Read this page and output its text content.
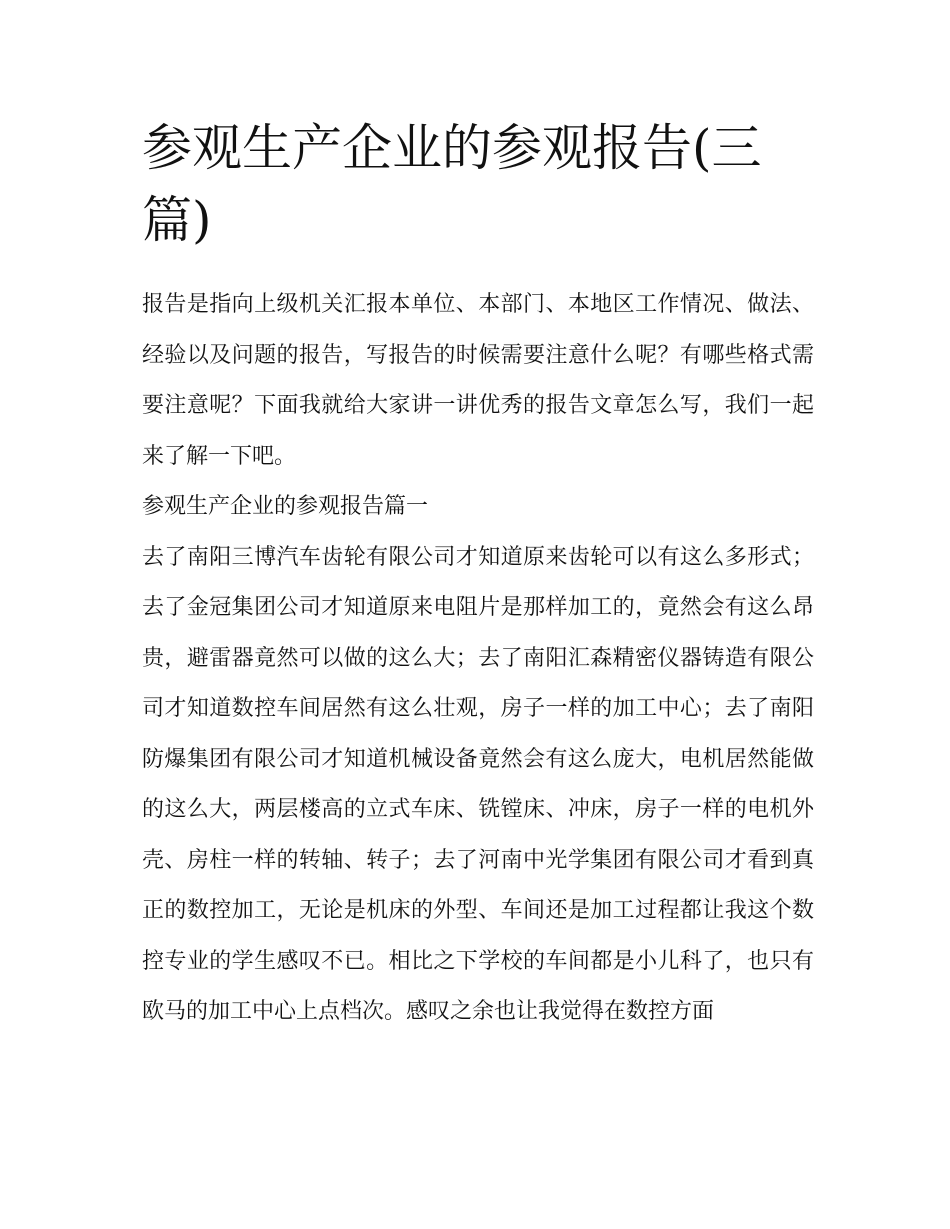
参观生产企业的参观报告(三篇)

报告是指向上级机关汇报本单位、本部门、本地区工作情况、做法、经验以及问题的报告，写报告的时候需要注意什么呢？有哪些格式需要注意呢？下面我就给大家讲一讲优秀的报告文章怎么写，我们一起来了解一下吧。

参观生产企业的参观报告篇一

去了南阳三博汽车齿轮有限公司才知道原来齿轮可以有这么多形式；去了金冠集团公司才知道原来电阻片是那样加工的，竟然会有这么昂贵，避雷器竟然可以做的这么大；去了南阳汇森精密仪器铸造有限公司才知道数控车间居然有这么壮观，房子一样的加工中心；去了南阳防爆集团有限公司才知道机械设备竟然会有这么庞大，电机居然能做的这么大，两层楼高的立式车床、铣镗床、冲床，房子一样的电机外壳、房柱一样的转轴、转子；去了河南中光学集团有限公司才看到真正的数控加工，无论是机床的外型、车间还是加工过程都让我这个数控专业的学生感叹不已。相比之下学校的车间都是小儿科了，也只有欧马的加工中心上点档次。感叹之余也让我觉得在数控方面
